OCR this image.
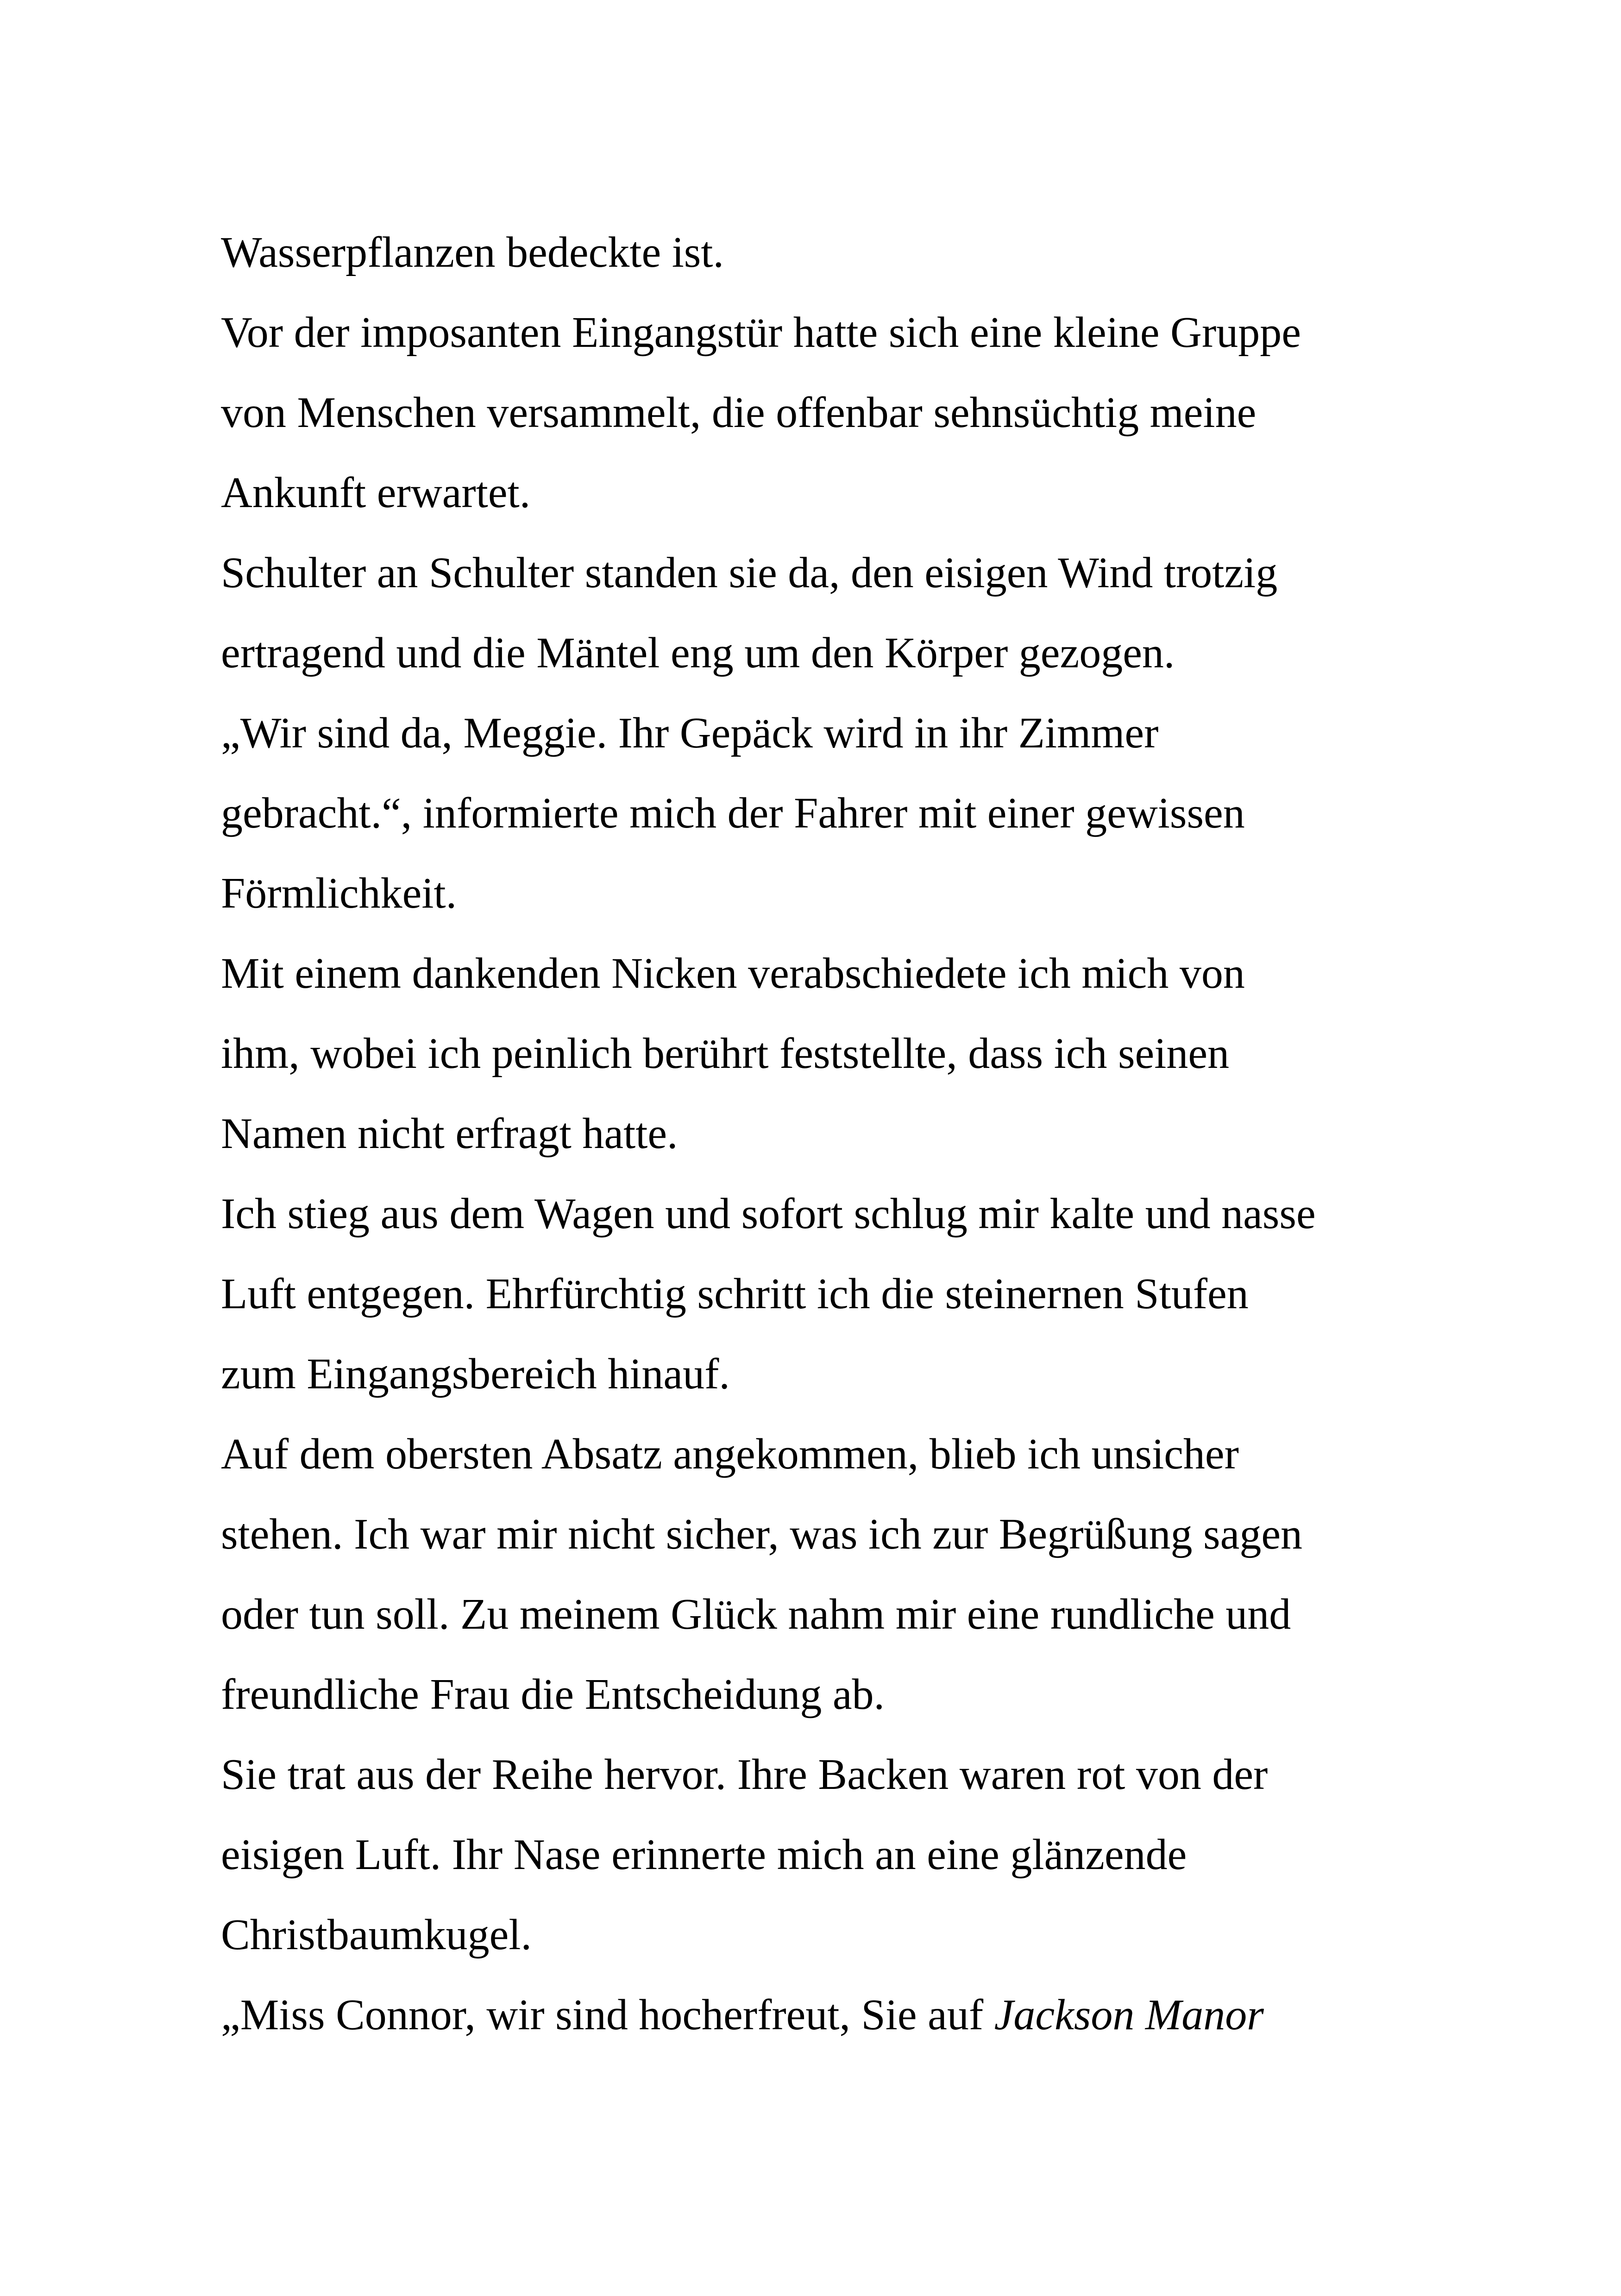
Wasserpflanzen bedeckte ist.
Vor der imposanten Eingangstür hatte sich eine kleine Gruppe
von Menschen versammelt, die offenbar sehnsüchtig meine
Ankunft erwartet.
Schulter an Schulter standen sie da, den eisigen Wind trotzig
ertragend und die Mäntel eng um den Körper gezogen.
„Wir sind da, Meggie. Ihr Gepäck wird in ihr Zimmer
gebracht.“, informierte mich der Fahrer mit einer gewissen
Förmlichkeit.
Mit einem dankenden Nicken verabschiedete ich mich von
ihm, wobei ich peinlich berührt feststellte, dass ich seinen
Namen nicht erfragt hatte.
Ich stieg aus dem Wagen und sofort schlug mir kalte und nasse
Luft entgegen. Ehrfürchtig schritt ich die steinernen Stufen
zum Eingangsbereich hinauf.
Auf dem obersten Absatz angekommen, blieb ich unsicher
stehen. Ich war mir nicht sicher, was ich zur Begrüßung sagen
oder tun soll. Zu meinem Glück nahm mir eine rundliche und
freundliche Frau die Entscheidung ab.
Sie trat aus der Reihe hervor. Ihre Backen waren rot von der
eisigen Luft. Ihr Nase erinnerte mich an eine glänzende
Christbaumkugel.
„Miss Connor, wir sind hocherfreut, Sie auf Jackson Manor
